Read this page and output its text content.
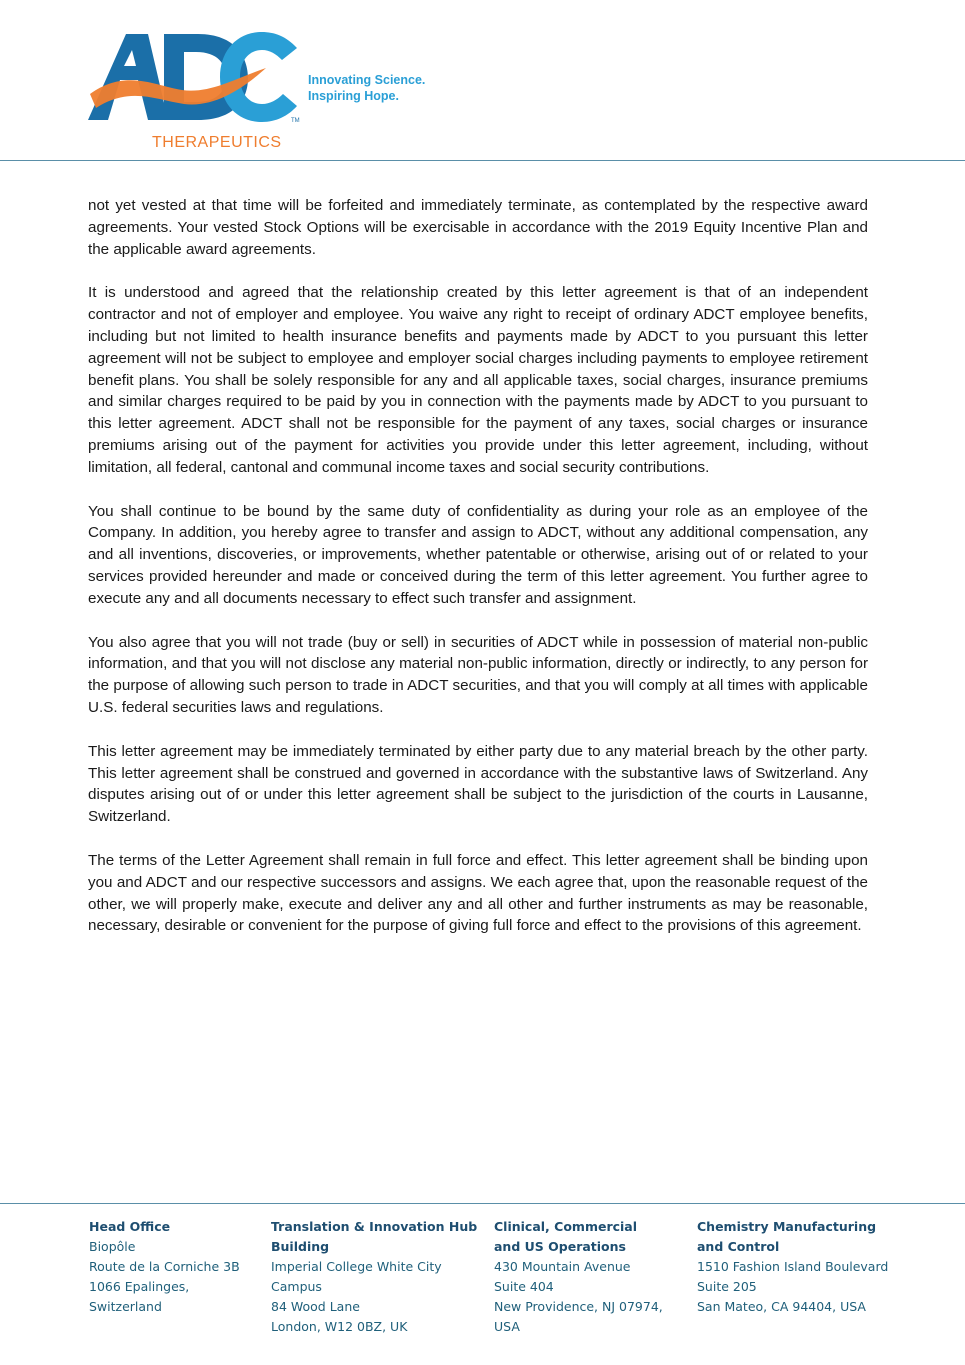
THERAPEUTICS
TM
Innovating Science.
Inspiring Hope.

not yet vested at that time will be forfeited and immediately terminate, as contemplated by the respective award agreements. Your vested Stock Options will be exercisable in accordance with the 2019 Equity Incentive Plan and the applicable award agreements.

It is understood and agreed that the relationship created by this letter agreement is that of an independent contractor and not of employer and employee. You waive any right to receipt of ordinary ADCT employee benefits, including but not limited to health insurance benefits and payments made by ADCT to you pursuant this letter agreement will not be subject to employee and employer social charges including payments to employee retirement benefit plans. You shall be solely responsible for any and all applicable taxes, social charges, insurance premiums and similar charges required to be paid by you in connection with the payments made by ADCT to you pursuant to this letter agreement. ADCT shall not be responsible for the payment of any taxes, social charges or insurance premiums arising out of the payment for activities you provide under this letter agreement, including, without limitation, all federal, cantonal and communal income taxes and social security contributions.

You shall continue to be bound by the same duty of confidentiality as during your role as an employee of the Company. In addition, you hereby agree to transfer and assign to ADCT, without any additional compensation, any and all inventions, discoveries, or improvements, whether patentable or otherwise, arising out of or related to your services provided hereunder and made or conceived during the term of this letter agreement. You further agree to execute any and all documents necessary to effect such transfer and assignment.

You also agree that you will not trade (buy or sell) in securities of ADCT while in possession of material non-public information, and that you will not disclose any material non-public information, directly or indirectly, to any person for the purpose of allowing such person to trade in ADCT securities, and that you will comply at all times with applicable U.S. federal securities laws and regulations.

This letter agreement may be immediately terminated by either party due to any material breach by the other party. This letter agreement shall be construed and governed in accordance with the substantive laws of Switzerland. Any disputes arising out of or under this letter agreement shall be subject to the jurisdiction of the courts in Lausanne, Switzerland.

The terms of the Letter Agreement shall remain in full force and effect. This letter agreement shall be binding upon you and ADCT and our respective successors and assigns. We each agree that, upon the reasonable request of the other, we will properly make, execute and deliver any and all other and further instruments as may be reasonable, necessary, desirable or convenient for the purpose of giving full force and effect to the provisions of this agreement.

Head Office
Biopôle
Route de la Corniche 3B
1066 Epalinges,
Switzerland
Translation & Innovation Hub
Building
Imperial College White City
Campus
84 Wood Lane
London, W12 0BZ, UK
Clinical, Commercial
and US Operations
430 Mountain Avenue
Suite 404
New Providence, NJ 07974,
USA
Chemistry Manufacturing
and Control
1510 Fashion Island Boulevard
Suite 205
San Mateo, CA 94404, USA
